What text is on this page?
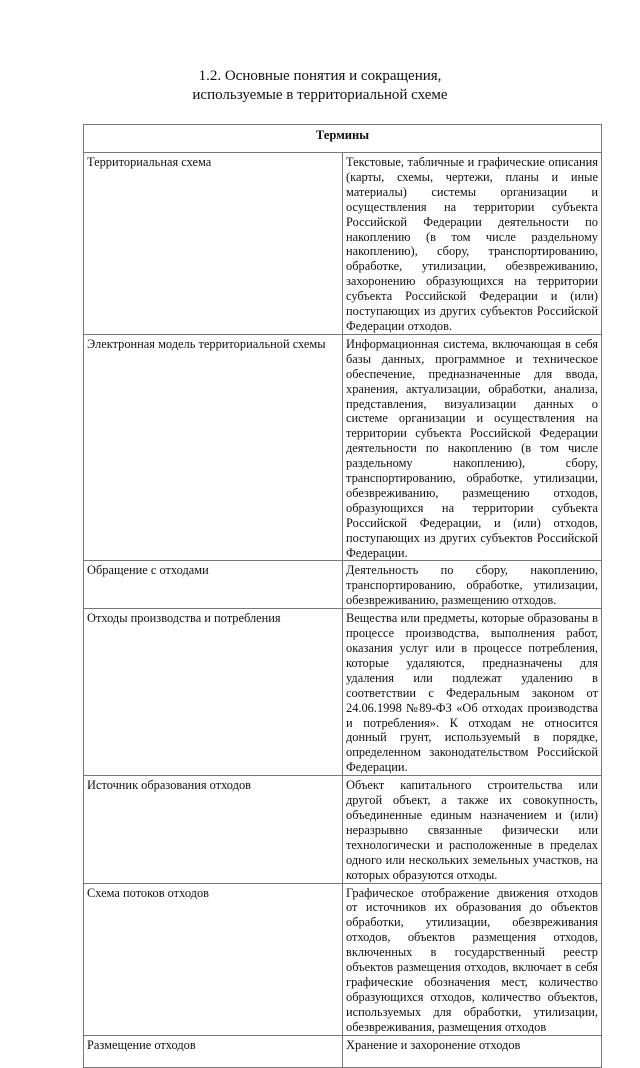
1.2. Основные понятия и сокращения,
используемые в территориальной схеме
Термины	
Территориальная схема	Текстовые, табличные и графические описания (карты, схемы, чертежи, планы и иные материалы) системы организации и осуществления на территории субъекта Российской Федерации деятельности по накоплению (в том числе раздельному накоплению), сбору, транспортированию, обработке, утилизации, обезвреживанию, захоронению образующихся на территории субъекта Российской Федерации и (или) поступающих из других субъектов Российской Федерации отходов.
Электронная модель территориальной схемы	Информационная система, включающая в себя базы данных, программное и техническое обеспечение, предназначенные для ввода, хранения, актуализации, обработки, анализа, представления, визуализации данных о системе организации и осуществления на территории субъекта Российской Федерации деятельности по накоплению (в том числе раздельному накоплению), сбору, транспортированию, обработке, утилизации, обезвреживанию, размещению отходов, образующихся на территории субъекта Российской Федерации, и (или) отходов, поступающих из других субъектов Российской Федерации.
Обращение с отходами	Деятельность по сбору, накоплению, транспортированию, обработке, утилизации, обезвреживанию, размещению отходов.
Отходы производства и потребления	Вещества или предметы, которые образованы в процессе производства, выполнения работ, оказания услуг или в процессе потребления, которые удаляются, предназначены для удаления или подлежат удалению в соответствии с Федеральным законом от 24.06.1998 №89-ФЗ «Об отходах производства и потребления». К отходам не относится донный грунт, используемый в порядке, определенном законодательством Российской Федерации.
Источник образования отходов	Объект капитального строительства или другой объект, а также их совокупность, объединенные единым назначением и (или) неразрывно связанные физически или технологически и расположенные в пределах одного или нескольких земельных участков, на которых образуются отходы.
Схема потоков отходов	Графическое отображение движения отходов от источников их образования до объектов обработки, утилизации, обезвреживания отходов, объектов размещения отходов, включенных в государственный реестр объектов размещения отходов, включает в себя графические обозначения мест, количество образующихся отходов, количество объектов, используемых для обработки, утилизации, обезвреживания, размещения отходов
Размещение отходов	Хранение и захоронение отходов
